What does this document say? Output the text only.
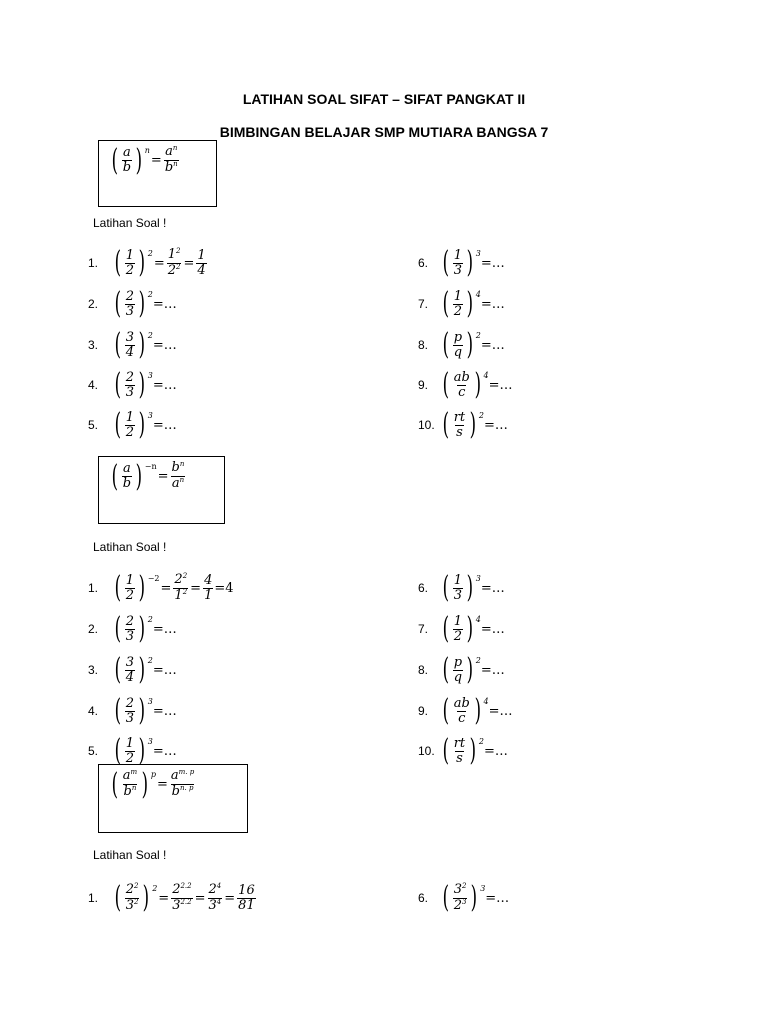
LATIHAN SOAL SIFAT – SIFAT PANGKAT II
BIMBINGAN BELAJAR SMP MUTIARA BANGSA 7
( $\frac{a}{b}$ ) n
= $\frac{a^n}{b^n}$
Latihan Soal !
1. ( $\frac{1}{2}$ ) 2
= $\frac{1^2}{2^2} = \frac{1}{4}$
2. ( $\frac{2}{3}$ ) 2
=…
3. ( $\frac{3}{4}$ ) 2
=…
4. ( $\frac{2}{3}$ ) 3
=…
5. ( $\frac{1}{2}$ ) 3
=…
6. ( $\frac{1}{3}$ ) 3
=…
7. ( $\frac{1}{2}$ ) 4
=…
8. ( $\frac{p}{q}$ ) 2
=…
9. ( $\frac{ab}{c}$ ) 4
=…
10. ( $\frac{rt}{s}$ ) 2
=…
( $\frac{a}{b}$ ) −n
= $\frac{b^n}{a^n}$
Latihan Soal !
1. ( $\frac{1}{2}$ ) −2
= $\frac{2^2}{1^2} = \frac{4}{1} =4$
2. ( $\frac{2}{3}$ ) 2
=…
3. ( $\frac{3}{4}$ ) 2
=…
4. ( $\frac{2}{3}$ ) 3
=…
5. ( $\frac{1}{2}$ ) 3
=…
6. ( $\frac{1}{3}$ ) 3
=…
7. ( $\frac{1}{2}$ ) 4
=…
8. ( $\frac{p}{q}$ ) 2
=…
9. ( $\frac{ab}{c}$ ) 4
=…
10. ( $\frac{rt}{s}$ ) 2
=…
( $\frac{a^m}{b^n}$ ) p
= $\frac{a^{m. p}}{b^{n. p}}$
Latihan Soal !
1. ( $\frac{2^2}{3^2}$ ) 2
= $\frac{2^{2.2}}{3^{2.2}} = \frac{2^4}{3^4} = \frac{16}{81}$	6. ( $\frac{3^2}{2^3}$ ) 3
=…
